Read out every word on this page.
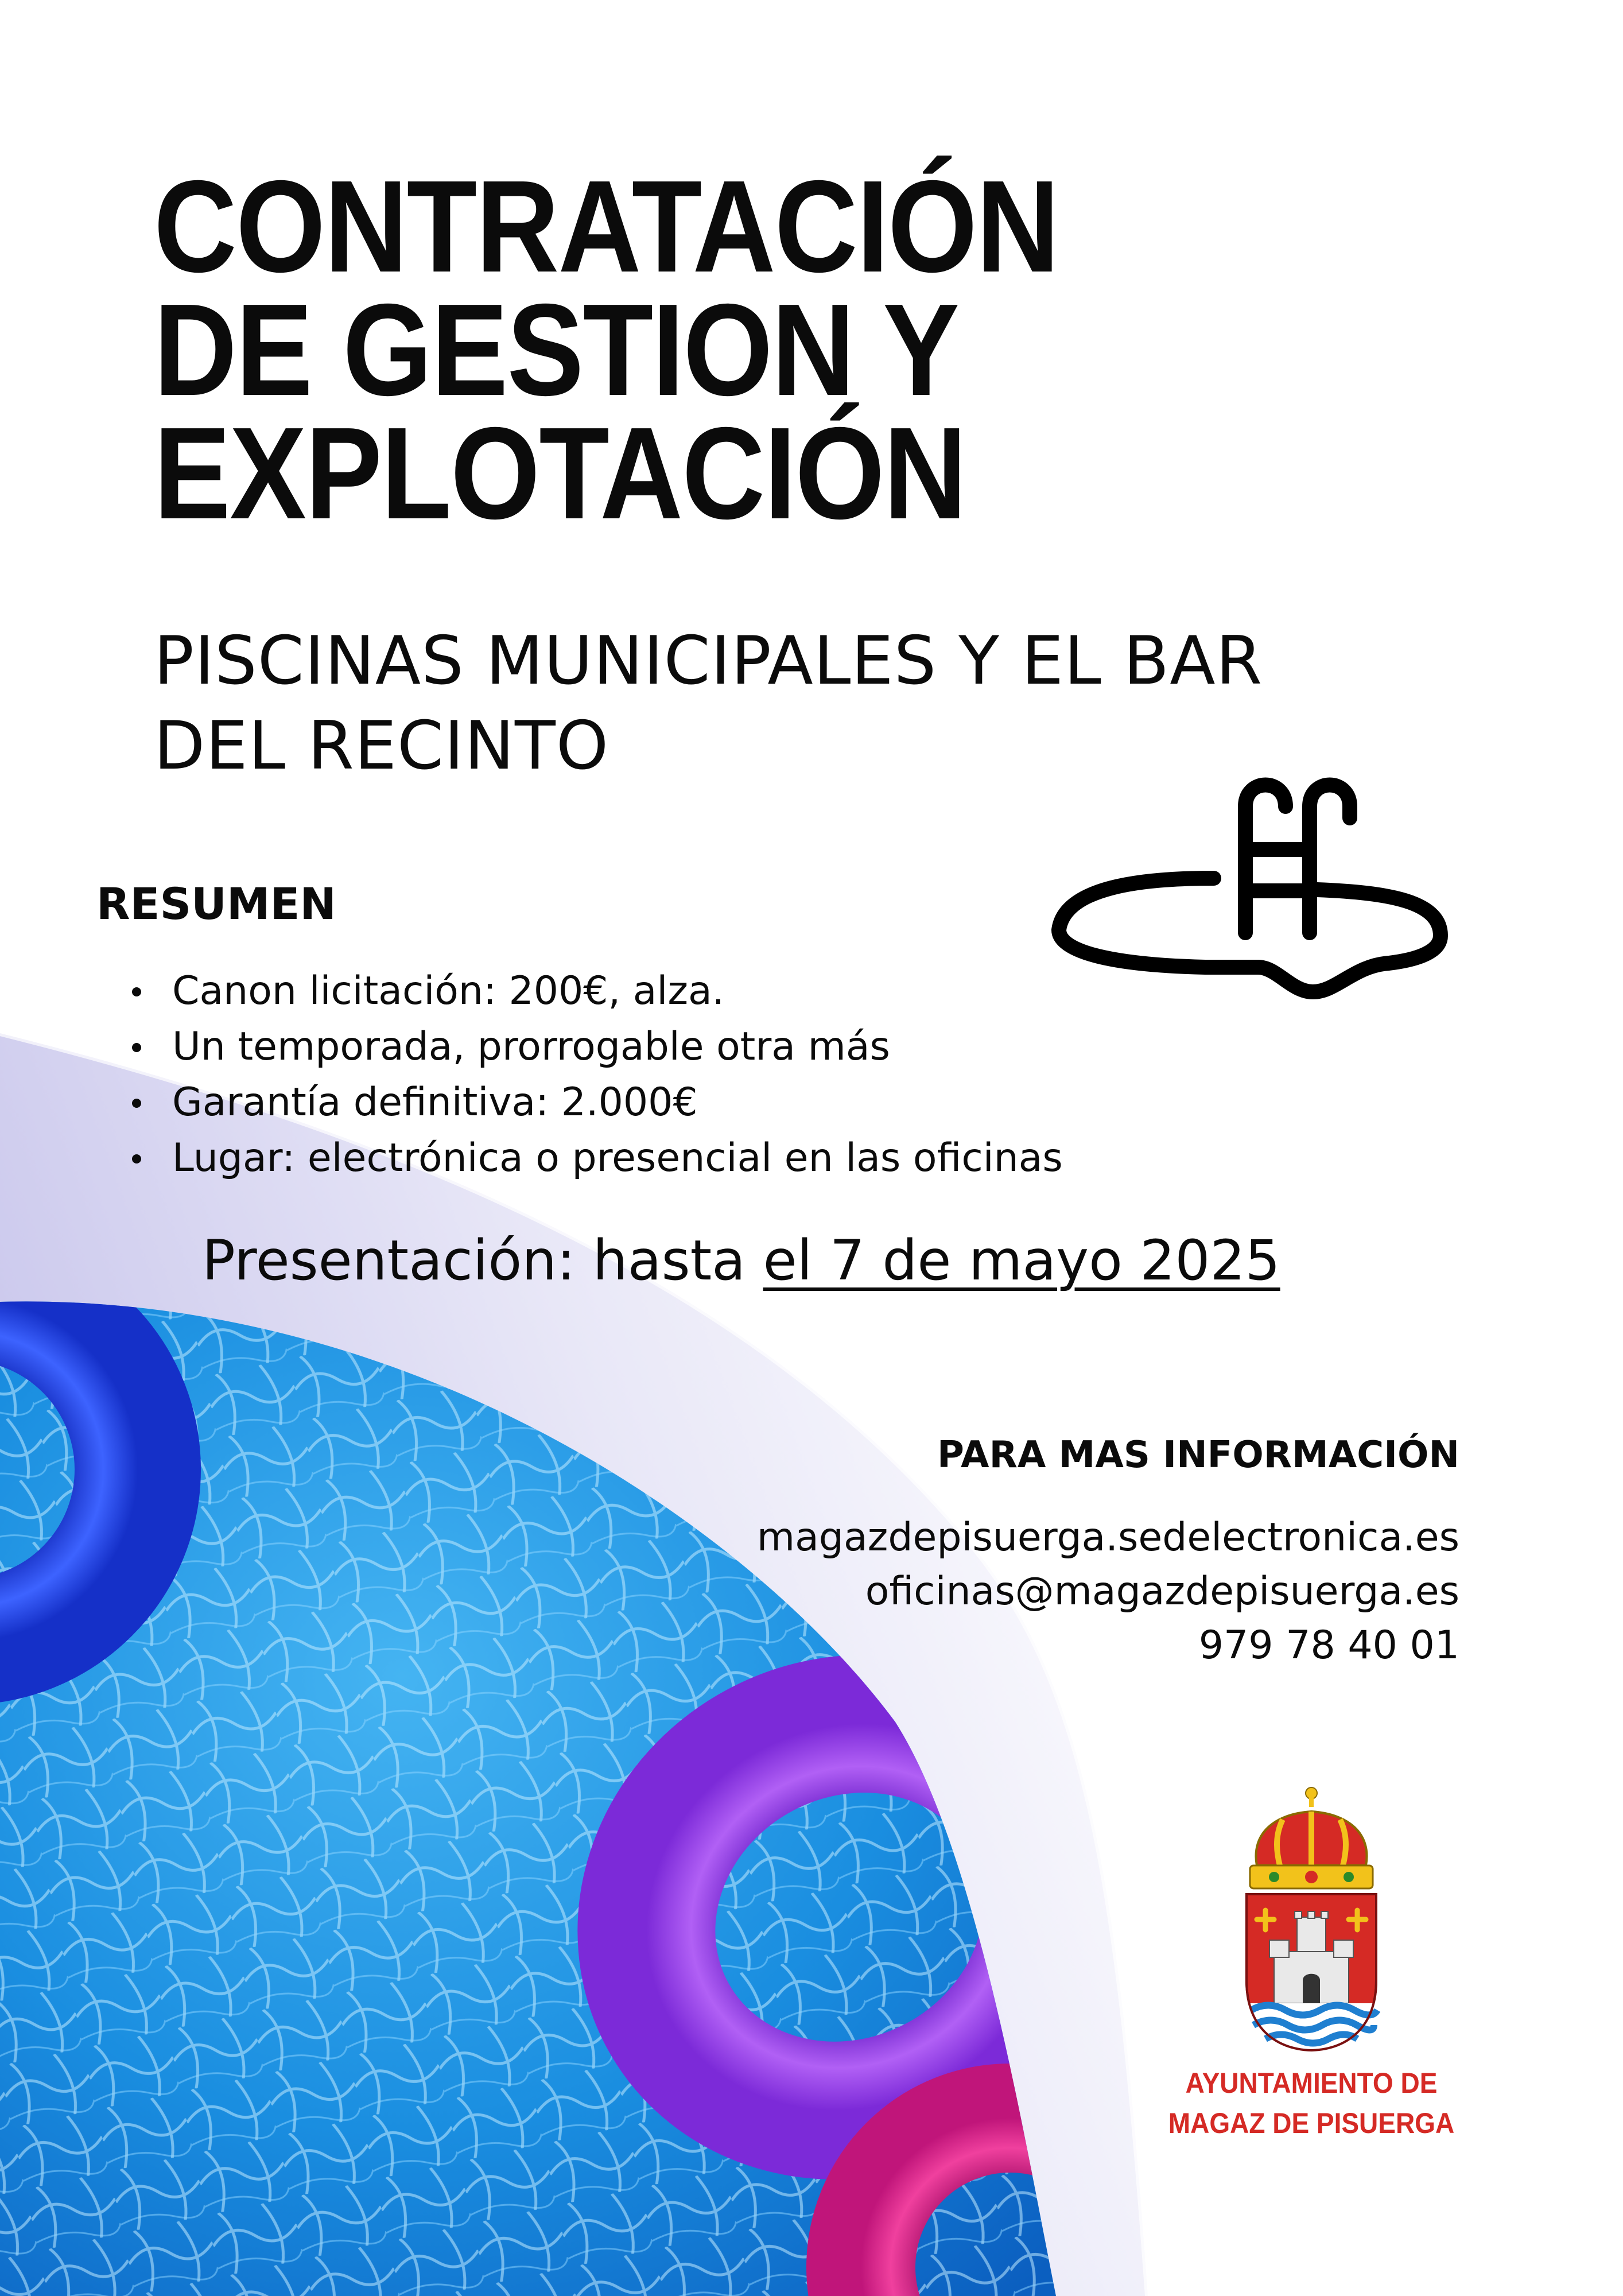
CONTRATACIÓN
DE GESTION Y
EXPLOTACIÓN
PISCINAS MUNICIPALES Y EL BAR
DEL RECINTO
RESUMEN
Canon licitación: 200€, alza.
Un temporada, prorrogable otra más
Garantía definitiva: 2.000€
Lugar: electrónica o presencial en las oficinas
Presentación: hasta el 7 de mayo 2025
PARA MAS INFORMACIÓN
magazdepisuerga.sedelectronica.es
oficinas@magazdepisuerga.es
979 78 40 01
AYUNTAMIENTO DE
MAGAZ DE PISUERGA
